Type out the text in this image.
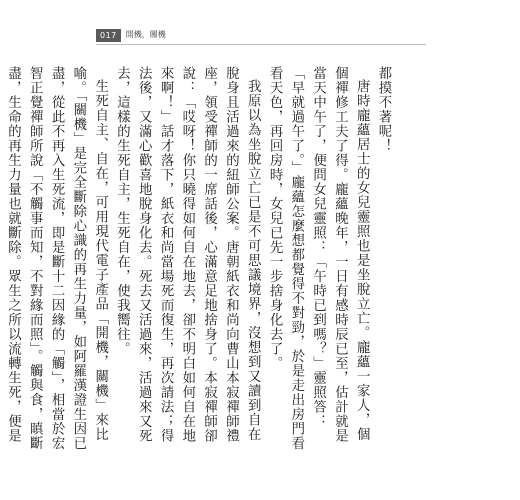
017	開機，關機

都摸不著呢！

唐時龐蘊居士的女兒靈照也是坐脫立亡。龐蘊一家人，個個禪修工夫了得。龐蘊晚年，一日有感時辰已至，估計就是當天中午了，便問女兒靈照：「午時已到嗎？」靈照答：「早就過午了。」龐蘊怎麼想都覺得不對勁，於是走出房門看看天色，再回房時，女兒已先一步捨身化去了。

我原以為坐脫立亡已是不可思議境界，沒想到又讀到自在脫身且活過來的紐師公案。唐朝紙衣和尚向曹山本寂禪師禮座，領受禪師的一席話後，心滿意足地捨身了。本寂禪師卻說：「哎呀！你只曉得如何自在地去，卻不明白如何自在地來啊！」話才落下，紙衣和尚當場死而復生，再次請法；得法後，又滿心歡喜地脫身化去。死去又活過來，活過來又死去，這樣的生死自主，生死自在，使我嚮往。

生死自主、自在，可用現代電子產品「開機，關機」來比喻。「關機」是完全斷除心識的再生力量，如阿羅漢證生因已盡，從此不再入生死流，即是斷十二因緣的「觸」，相當於宏智正覺禪師所說「不觸事而知，不對緣而照」。觸與食，瞋斷盡，生命的再生力量也就斷除。眾生之所以流轉生死，便是
